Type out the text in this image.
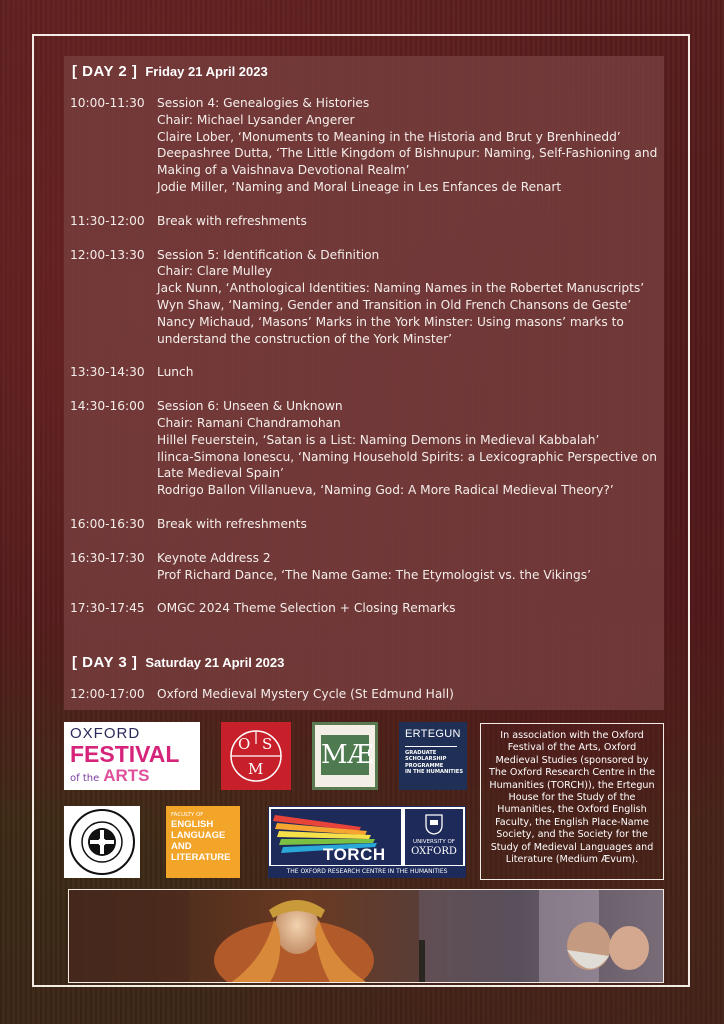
[ DAY 2 ] Friday 21 April 2023
10:00-11:30	Session 4: Genealogies & Histories
Chair: Michael Lysander Angerer
Claire Lober, ‘Monuments to Meaning in the Historia and Brut y Brenhinedd’
Deepashree Dutta, ‘The Little Kingdom of Bishnupur: Naming, Self-Fashioning and
Making of a Vaishnava Devotional Realm’
Jodie Miller, ‘Naming and Moral Lineage in Les Enfances de Renart
11:30-12:00	Break with refreshments
12:00-13:30	Session 5: Identification & Definition
Chair: Clare Mulley
Jack Nunn, ‘Anthological Identities: Naming Names in the Robertet Manuscripts’
Wyn Shaw, ‘Naming, Gender and Transition in Old French Chansons de Geste’
Nancy Michaud, ‘Masons’ Marks in the York Minster: Using masons’ marks to
understand the construction of the York Minster’
13:30-14:30	Lunch
14:30-16:00	Session 6: Unseen & Unknown
Chair: Ramani Chandramohan
Hillel Feuerstein, ‘Satan is a List: Naming Demons in Medieval Kabbalah’
Ilinca-Simona Ionescu, ‘Naming Household Spirits: a Lexicographic Perspective on
Late Medieval Spain’
Rodrigo Ballon Villanueva, ‘Naming God: A More Radical Medieval Theory?’
16:00-16:30	Break with refreshments
16:30-17:30	Keynote Address 2
Prof Richard Dance, ‘The Name Game: The Etymologist vs. the Vikings’
17:30-17:45	OMGC 2024 Theme Selection + Closing Remarks
[ DAY 3 ] Saturday 21 April 2023
12:00-17:00	Oxford Medieval Mystery Cycle (St Edmund Hall)
OXFORD
FESTIVAL
of the ARTS
O S
M MÆ
ERTEGUN
GRADUATE
SCHOLARSHIP
PROGRAMME
IN THE HUMANITIES
In association with the Oxford Festival of the Arts, Oxford Medieval Studies (sponsored by The Oxford Research Centre in the Humanities (TORCH)), the Ertegun House for the Study of the Humanities, the Oxford English Faculty, the English Place-Name Society, and the Society for the Study of Medieval Languages and Literature (Medium Ævum).
FACULTY OF
ENGLISH
LANGUAGE
AND
LITERATURE	TORCH
UNIVERSITY OF
OXFORD
THE OXFORD RESEARCH CENTRE IN THE HUMANITIES
